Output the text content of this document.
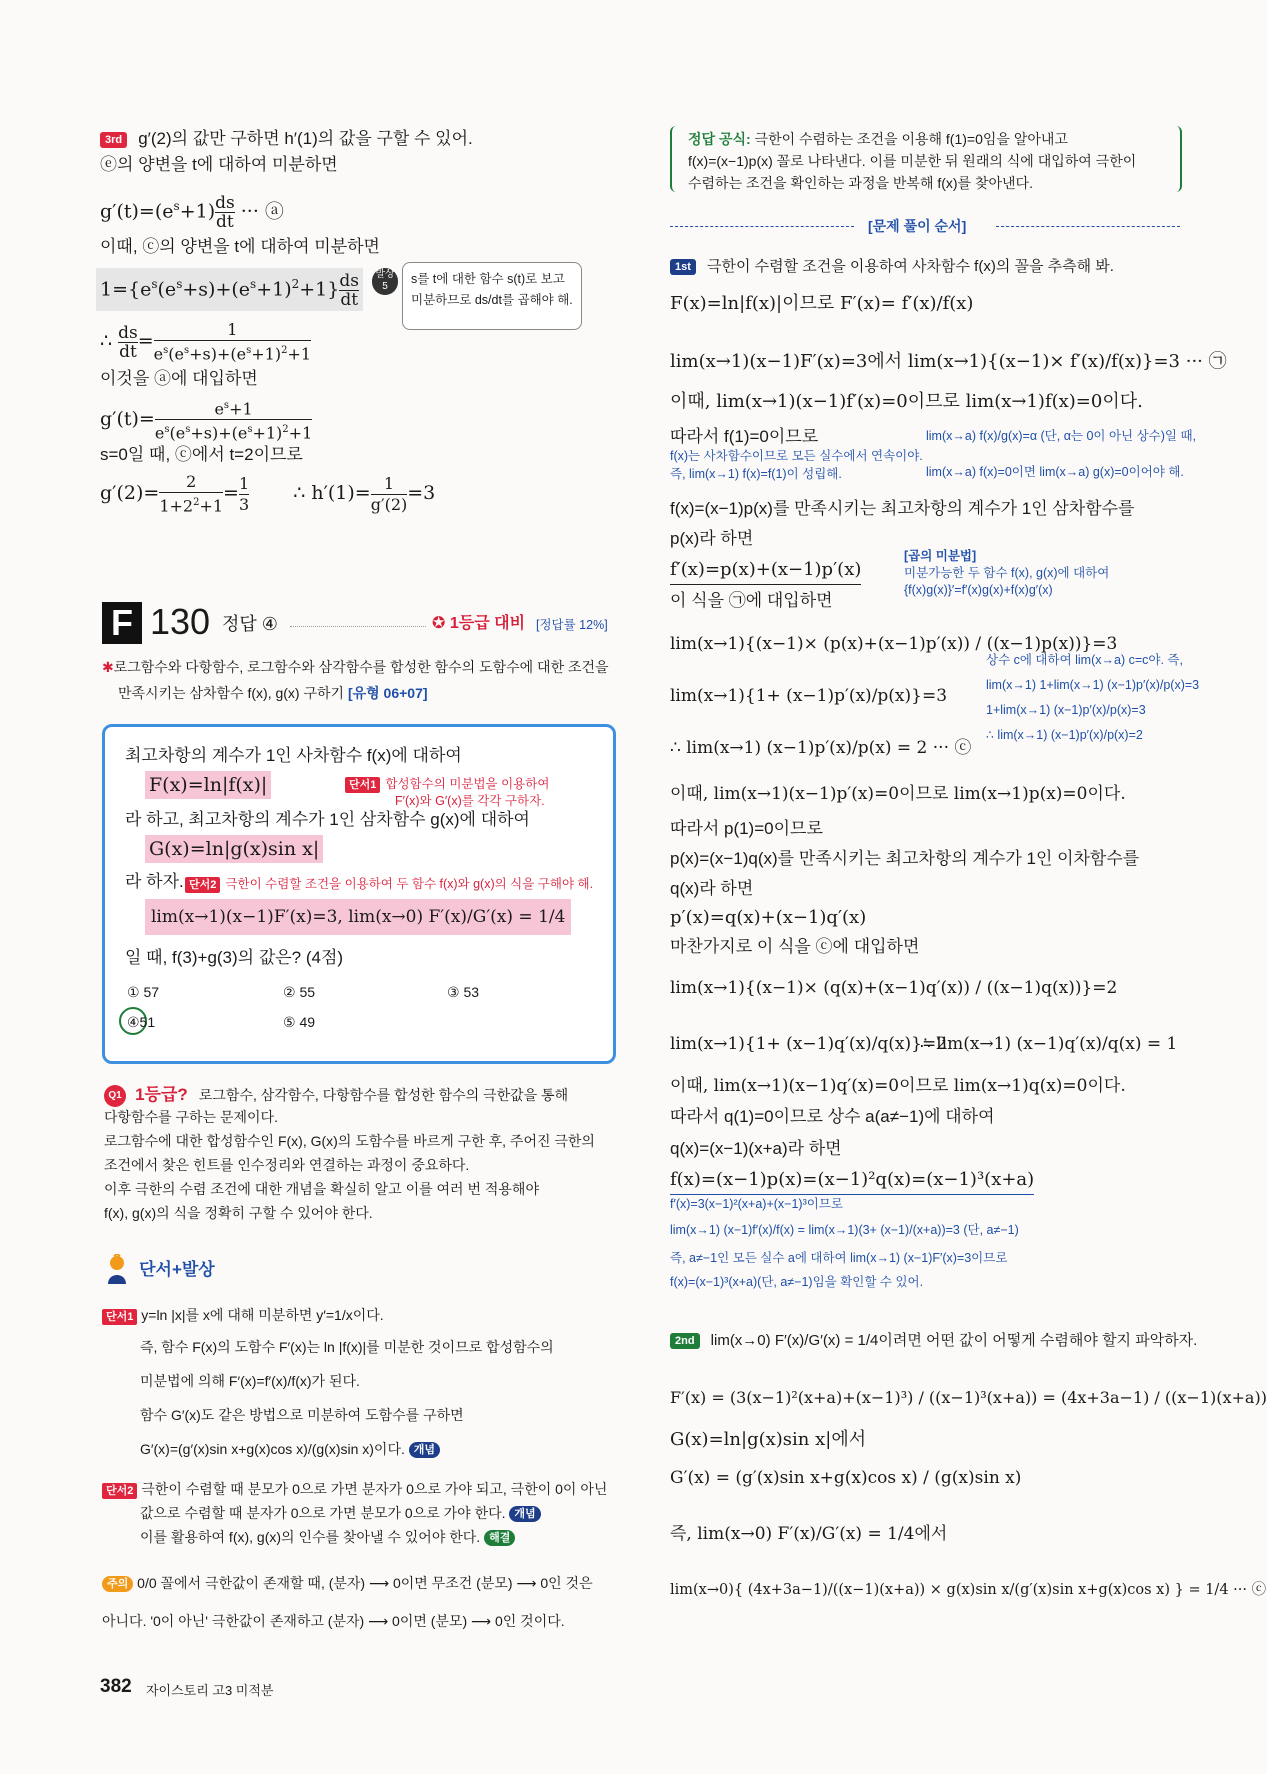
3rd g′(2)의 값만 구하면 h′(1)의 값을 구할 수 있어.
ⓔ의 양변을 t에 대하여 미분하면
$g'(t)=(e^s+1) \frac{ds}{dt}$ ··· ⓐ
이때, ⓒ의 양변을 t에 대하여 미분하면
$1=\{e^s(e^s+s)+(e^s+1)^2+1\} \frac{ds}{dt}$	발상 5
s를 t에 대한 함수 s(t)로 보고
미분하므로 ds/dt를 곱해야 해.
∴ $\frac{ds}{dt} = \frac{1}{e^s(e^s+s)+(e^s+1)^2+1}$
이것을 ⓐ에 대입하면
$g'(t)= \frac{e^s+1}{e^s(e^s+s)+(e^s+1)^2+1}$
s=0일 때, ⓒ에서 t=2이므로
$g'(2)= \frac{2}{1+2^2+1} = \frac{1}{3}$ ∴ $h'(1)= \frac{1}{g'(2)} =3$
F 130 정답 ④	✪ 1등급 대비 [정답률 12%]
✱로그함수와 다항함수, 로그함수와 삼각함수를 합성한 함수의 도함수에 대한 조건을
만족시키는 삼차함수 f(x), g(x) 구하기 [유형 06+07]
최고차항의 계수가 1인 사차함수 f(x)에 대하여
F(x)=ln|f(x)|	단서1 합성함수의 미분법을 이용하여
F′(x)와 G′(x)를 각각 구하자.
라 하고, 최고차항의 계수가 1인 삼차함수 g(x)에 대하여
G(x)=ln|g(x)sin x|
라 하자. 단서2 극한이 수렴할 조건을 이용하여 두 함수 f(x)와 g(x)의 식을 구해야 해.
lim(x→1)(x−1)F′(x)=3, lim(x→0) F′(x)/G′(x) = 1/4
일 때, f(3)+g(3)의 값은? (4점)
① 57	② 55	③ 53
④51	⑤ 49
Q1 1등급? 로그함수, 삼각함수, 다항함수를 합성한 함수의 극한값을 통해
다항함수를 구하는 문제이다.
로그함수에 대한 합성함수인 F(x), G(x)의 도함수를 바르게 구한 후, 주어진 극한의
조건에서 찾은 힌트를 인수정리와 연결하는 과정이 중요하다.
이후 극한의 수렴 조건에 대한 개념을 확실히 알고 이를 여러 번 적용해야
f(x), g(x)의 식을 정확히 구할 수 있어야 한다.
단서+발상
단서1 y=ln |x|를 x에 대해 미분하면 y′=1/x이다.
즉, 함수 F(x)의 도함수 F′(x)는 ln |f(x)|를 미분한 것이므로 합성함수의
미분법에 의해 F′(x)=f′(x)/f(x)가 된다.
함수 G′(x)도 같은 방법으로 미분하여 도함수를 구하면
G′(x)=(g′(x)sin x+g(x)cos x)/(g(x)sin x)이다. 개념
단서2 극한이 수렴할 때 분모가 0으로 가면 분자가 0으로 가야 되고, 극한이 0이 아닌
값으로 수렴할 때 분자가 0으로 가면 분모가 0으로 가야 한다. 개념
이를 활용하여 f(x), g(x)의 인수를 찾아낼 수 있어야 한다. 해결
주의 0/0 꼴에서 극한값이 존재할 때, (분자) ⟶ 0이면 무조건 (분모) ⟶ 0인 것은
아니다. '0이 아닌' 극한값이 존재하고 (분자) ⟶ 0이면 (분모) ⟶ 0인 것이다.
382 자이스토리 고3 미적분
정답 공식: 극한이 수렴하는 조건을 이용해 f(1)=0임을 알아내고
f(x)=(x−1)p(x) 꼴로 나타낸다. 이를 미분한 뒤 원래의 식에 대입하여 극한이
수렴하는 조건을 확인하는 과정을 반복해 f(x)를 찾아낸다.
[문제 풀이 순서]
1st 극한이 수렴할 조건을 이용하여 사차함수 f(x)의 꼴을 추측해 봐.
F(x)=ln|f(x)|이므로 F′(x)= f′(x)/f(x)
lim(x→1)(x−1)F′(x)=3에서 lim(x→1){(x−1)× f′(x)/f(x)}=3 ··· ㉠
이때, lim(x→1)(x−1)f′(x)=0이므로 lim(x→1)f(x)=0이다.
따라서 f(1)=0이므로
f(x)는 사차함수이므로 모든 실수에서 연속이야.
즉, lim(x→1) f(x)=f(1)이 성립해.
lim(x→a) f(x)/g(x)=α (단, α는 0이 아닌 상수)일 때,
lim(x→a) f(x)=0이면 lim(x→a) g(x)=0이어야 해.
f(x)=(x−1)p(x)를 만족시키는 최고차항의 계수가 1인 삼차함수를
p(x)라 하면
f′(x)=p(x)+(x−1)p′(x)
[곱의 미분법]
미분가능한 두 함수 f(x), g(x)에 대하여
{f(x)g(x)}′=f′(x)g(x)+f(x)g′(x)
이 식을 ㉠에 대입하면
lim(x→1){(x−1)× (p(x)+(x−1)p′(x)) / ((x−1)p(x))}=3
lim(x→1){1+ (x−1)p′(x)/p(x)}=3
∴ lim(x→1) (x−1)p′(x)/p(x) = 2 ··· ⓒ
상수 c에 대하여 lim(x→a) c=c야. 즉,
lim(x→1) 1+lim(x→1) (x−1)p′(x)/p(x)=3
1+lim(x→1) (x−1)p′(x)/p(x)=3
∴ lim(x→1) (x−1)p′(x)/p(x)=2
이때, lim(x→1)(x−1)p′(x)=0이므로 lim(x→1)p(x)=0이다.
따라서 p(1)=0이므로
p(x)=(x−1)q(x)를 만족시키는 최고차항의 계수가 1인 이차함수를
q(x)라 하면
p′(x)=q(x)+(x−1)q′(x)
마찬가지로 이 식을 ⓒ에 대입하면
lim(x→1){(x−1)× (q(x)+(x−1)q′(x)) / ((x−1)q(x))}=2
lim(x→1){1+ (x−1)q′(x)/q(x)}=2
∴ lim(x→1) (x−1)q′(x)/q(x) = 1
이때, lim(x→1)(x−1)q′(x)=0이므로 lim(x→1)q(x)=0이다.
따라서 q(1)=0이므로 상수 a(a≠−1)에 대하여
q(x)=(x−1)(x+a)라 하면
f(x)=(x−1)p(x)=(x−1)²q(x)=(x−1)³(x+a)
f′(x)=3(x−1)²(x+a)+(x−1)³이므로
lim(x→1) (x−1)f′(x)/f(x) = lim(x→1)(3+ (x−1)/(x+a))=3 (단, a≠−1)
즉, a≠−1인 모든 실수 a에 대하여 lim(x→1) (x−1)F′(x)=3이므로
f(x)=(x−1)³(x+a)(단, a≠−1)임을 확인할 수 있어.
2nd lim(x→0) F′(x)/G′(x) = 1/4이려면 어떤 값이 어떻게 수렴해야 할지 파악하자.
F′(x) = (3(x−1)²(x+a)+(x−1)³) / ((x−1)³(x+a)) = (4x+3a−1) / ((x−1)(x+a))
G(x)=ln|g(x)sin x|에서
G′(x) = (g′(x)sin x+g(x)cos x) / (g(x)sin x)
즉, lim(x→0) F′(x)/G′(x) = 1/4에서
lim(x→0){ (4x+3a−1)/((x−1)(x+a)) × g(x)sin x/(g′(x)sin x+g(x)cos x) } = 1/4 ··· ⓒ
